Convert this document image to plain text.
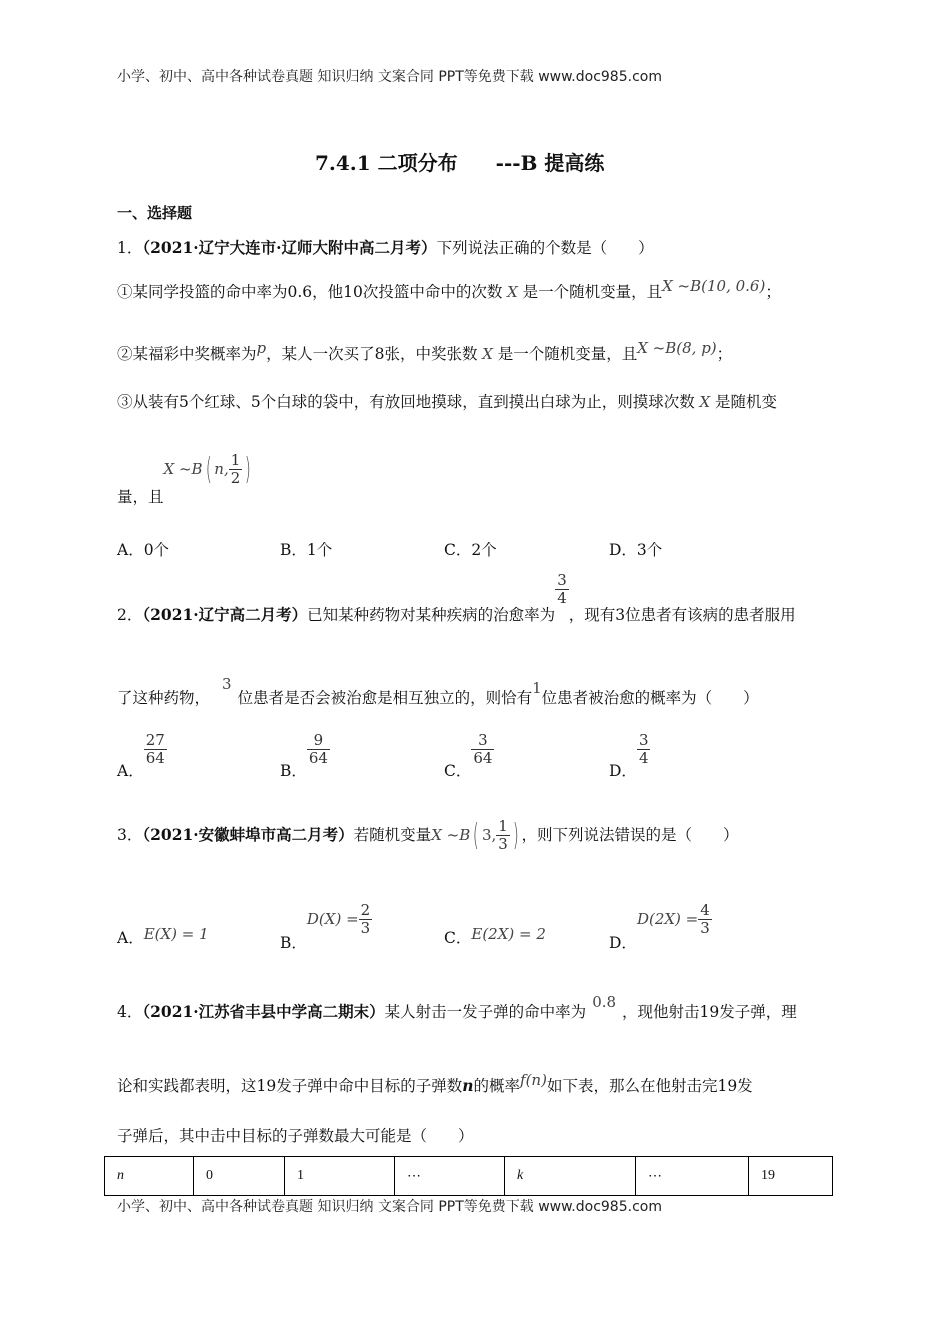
小学、初中、高中各种试卷真题 知识归纳 文案合同 PPT等免费下载 www.doc985.com
7.4.1 二项分布 ---B 提高练
一、选择题
1．（2021·辽宁大连市·辽师大附中高二月考）下列说法正确的个数是（　　）
①某同学投篮的命中率为0.6，他10次投篮中命中的次数 X 是一个随机变量，且X ~B(10, 0.6)；
②某福彩中奖概率为p，某人一次买了8张，中奖张数 X 是一个随机变量，且X ~B(8, p)；
③从装有5个红球、5个白球的袋中，有放回地摸球，直到摸出白球为止，则摸球次数 X 是随机变
量，且X ~B( n, $\frac{1}{2}$ )
A．0个	B．1个	C．2个	D．3个
2．（2021·辽宁高二月考）已知某种药物对某种疾病的治愈率为
$\frac{3}{4}$
，现有3位患者有该病的患者服用
了这种药物，3位患者是否会被治愈是相互独立的，则恰有1位患者被治愈的概率为（　　）
A．
$\frac{27}{64}$
B．
$\frac{9}{64}$
C．
$\frac{3}{64}$
D．
$\frac{3}{4}$
3．（2021·安徽蚌埠市高二月考）若随机变量X ~B( 3, $\frac{1}{3}$ ) ，则下列说法错误的是（　　）
A．E(X) = 1	B．$D(X) = \frac{2}{3}$
C．E(2X) = 2	D．$D(2X) = \frac{4}{3}$
4．（2021·江苏省丰县中学高二期末）某人射击一发子弹的命中率为0.8，现他射击19发子弹，理
论和实践都表明，这19发子弹中命中目标的子弹数n的概率f(n)如下表，那么在他射击完19发
子弹后，其中击中目标的子弹数最大可能是（　　）
n	0	1	⋯	k	⋯	19
小学、初中、高中各种试卷真题 知识归纳 文案合同 PPT等免费下载 www.doc985.com
